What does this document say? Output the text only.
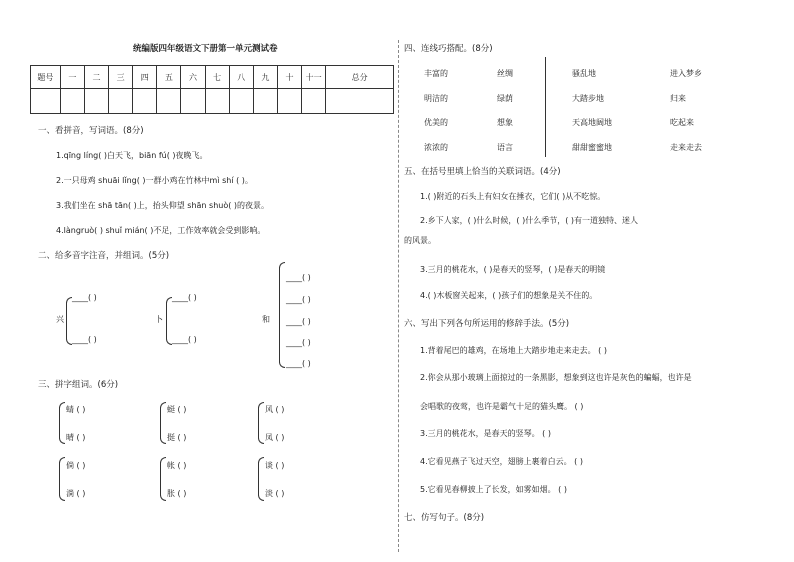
统编版四年级语文下册第一单元测试卷
题号	一	二	三	四	五	六	七	八	九	十	十一	总分

一、看拼音，写词语。(8分)
1.qīng líng( )白天飞，biān fú( )夜晚飞。
2.一只母鸡 shuāi lǐng( )一群小鸡在竹林中mì shí ( )。
3.我们坐在 shā tān( )上，抬头仰望 shān shuò( )的夜景。
4.làngruò( ) shuǐ mián( )不足，工作效率就会受到影响。
二、给多音字注音，并组词。(5分)
兴
____( )
____( )
卜
____( )
____( )
和
____( )
____( )
____( )
____( )
____( )
三、拼字组词。(6分)
蜻 ( )
晴 ( )
蜓 ( )
挺 ( )
风 ( )
凤 ( )
倘 ( )
淌 ( )
帐 ( )
胀 ( )
谈 ( )
淡 ( )
四、连线巧搭配。(8分)
丰富的
明洁的
优美的
浓浓的
丝绸
绿荫
想象
语言
骚乱地
大踏步地
天高地阔地
甜甜蜜蜜地
进入梦乡
归来
吃起来
走来走去
五、在括号里填上恰当的关联词语。(4分)
1.( )附近的石头上有妇女在捶衣，它们( )从不吃惊。
2.乡下人家，( )什么时候，( )什么季节，( )有一道独特、迷人
的风景。
3.三月的桃花水，( )是春天的竖琴，( )是春天的明镜
4.( )木板窗关起来，( )孩子们的想象是关不住的。
六、写出下列各句所运用的修辞手法。(5分)
1.背着尾巴的雄鸡，在场地上大踏步地走来走去。 ( )
2.你会从那小玻璃上面掠过的一条黑影，想象到这也许是灰色的蝙蝠，也许是
会唱歌的夜莺，也许是霸气十足的猫头鹰。 ( )
3.三月的桃花水，是春天的竖琴。 ( )
4.它看见燕子飞过天空，翅膀上裹着白云。 ( )
5.它看见春柳披上了长发，如雾如烟。 ( )
七、仿写句子。(8分)
